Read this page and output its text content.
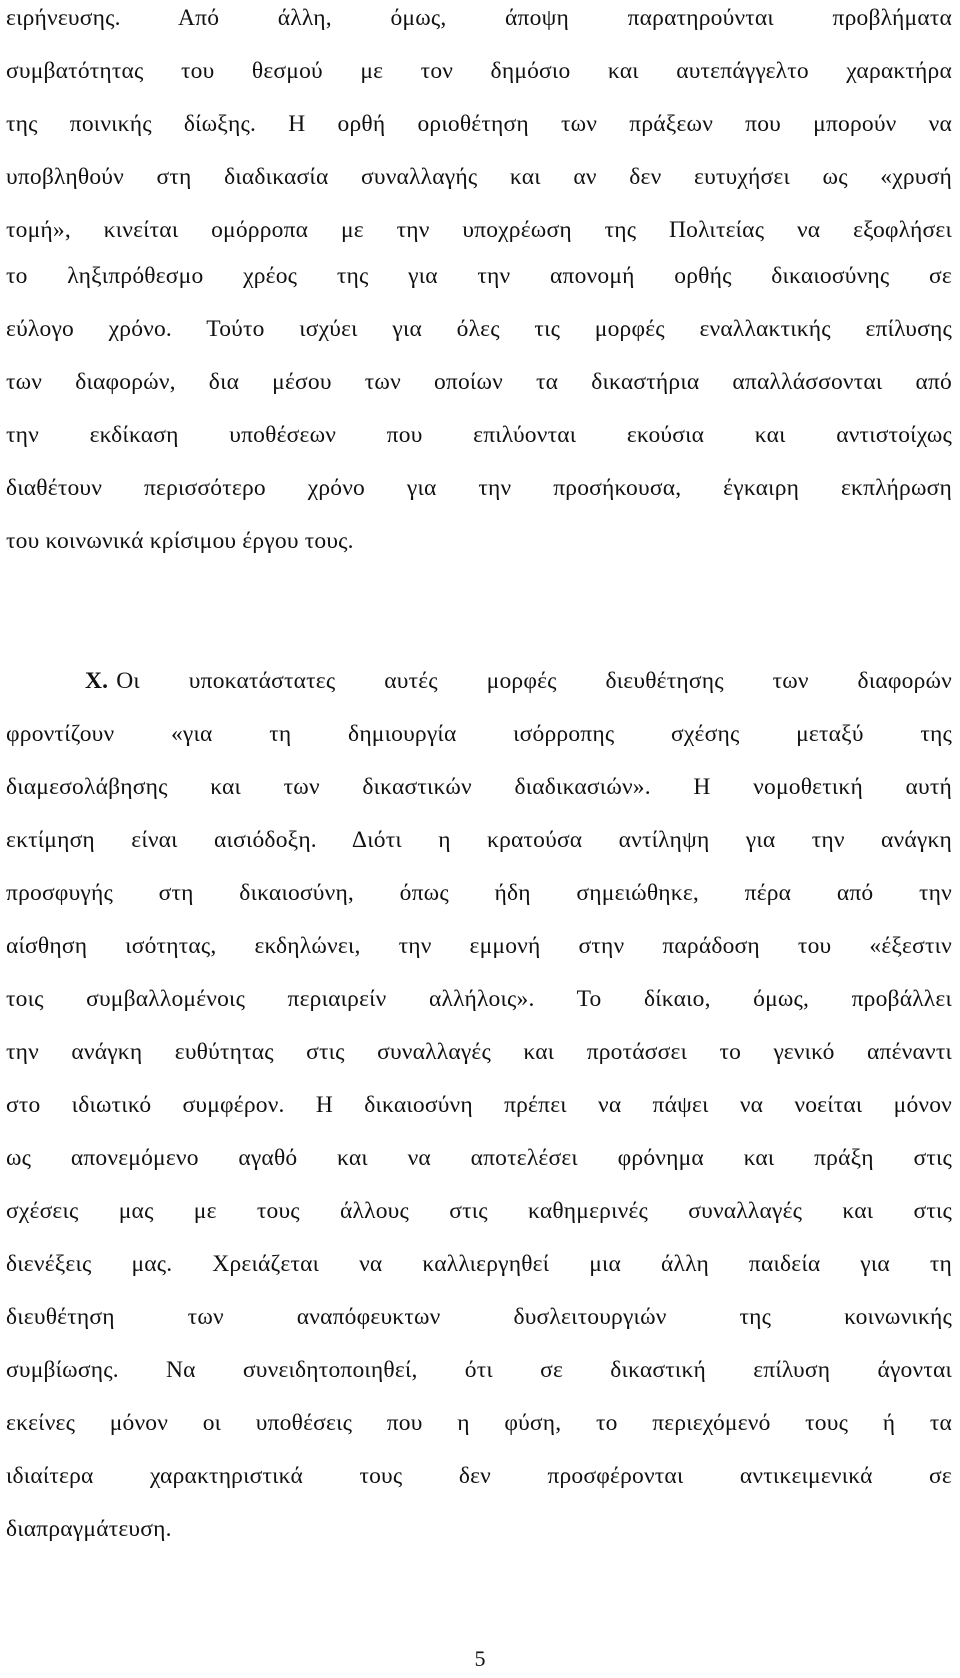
ειρήνευσης. Από άλλη, όμως, άποψη παρατηρούνται προβλήματα
συμβατότητας του θεσμού με τον δημόσιο και αυτεπάγγελτο χαρακτήρα
της ποινικής δίωξης. Η ορθή οριοθέτηση των πράξεων που μπορούν να
υποβληθούν στη διαδικασία συναλλαγής και αν δεν ευτυχήσει ως «χρυσή
τομή», κινείται ομόρροπα με την υποχρέωση της Πολιτείας να εξοφλήσει
το ληξιπρόθεσμο χρέος της για την απονομή ορθής δικαιοσύνης σε
εύλογο χρόνο. Τούτο ισχύει για όλες τις μορφές εναλλακτικής επίλυσης
των διαφορών, δια μέσου των οποίων τα δικαστήρια απαλλάσσονται από
την εκδίκαση υποθέσεων που επιλύονται εκούσια και αντιστοίχως
διαθέτουν περισσότερο χρόνο για την προσήκουσα, έγκαιρη εκπλήρωση
του κοινωνικά κρίσιμου έργου τους.
X. Οι υποκατάστατες αυτές μορφές διευθέτησης των διαφορών
φροντίζουν «για τη δημιουργία ισόρροπης σχέσης μεταξύ της
διαμεσολάβησης και των δικαστικών διαδικασιών». Η νομοθετική αυτή
εκτίμηση είναι αισιόδοξη. Διότι η κρατούσα αντίληψη για την ανάγκη
προσφυγής στη δικαιοσύνη, όπως ήδη σημειώθηκε, πέρα από την
αίσθηση ισότητας, εκδηλώνει, την εμμονή στην παράδοση του «έξεστιν
τοις συμβαλλομένοις περιαιρείν αλλήλοις». Το δίκαιο, όμως, προβάλλει
την ανάγκη ευθύτητας στις συναλλαγές και προτάσσει το γενικό απέναντι
στο ιδιωτικό συμφέρον. Η δικαιοσύνη πρέπει να πάψει να νοείται μόνον
ως απονεμόμενο αγαθό και να αποτελέσει φρόνημα και πράξη στις
σχέσεις μας με τους άλλους στις καθημερινές συναλλαγές και στις
διενέξεις μας. Χρειάζεται να καλλιεργηθεί μια άλλη παιδεία για τη
διευθέτηση των αναπόφευκτων δυσλειτουργιών της κοινωνικής
συμβίωσης. Να συνειδητοποιηθεί, ότι σε δικαστική επίλυση άγονται
εκείνες μόνον οι υποθέσεις που η φύση, το περιεχόμενό τους ή τα
ιδιαίτερα χαρακτηριστικά τους δεν προσφέρονται αντικειμενικά σε
διαπραγμάτευση.
5
